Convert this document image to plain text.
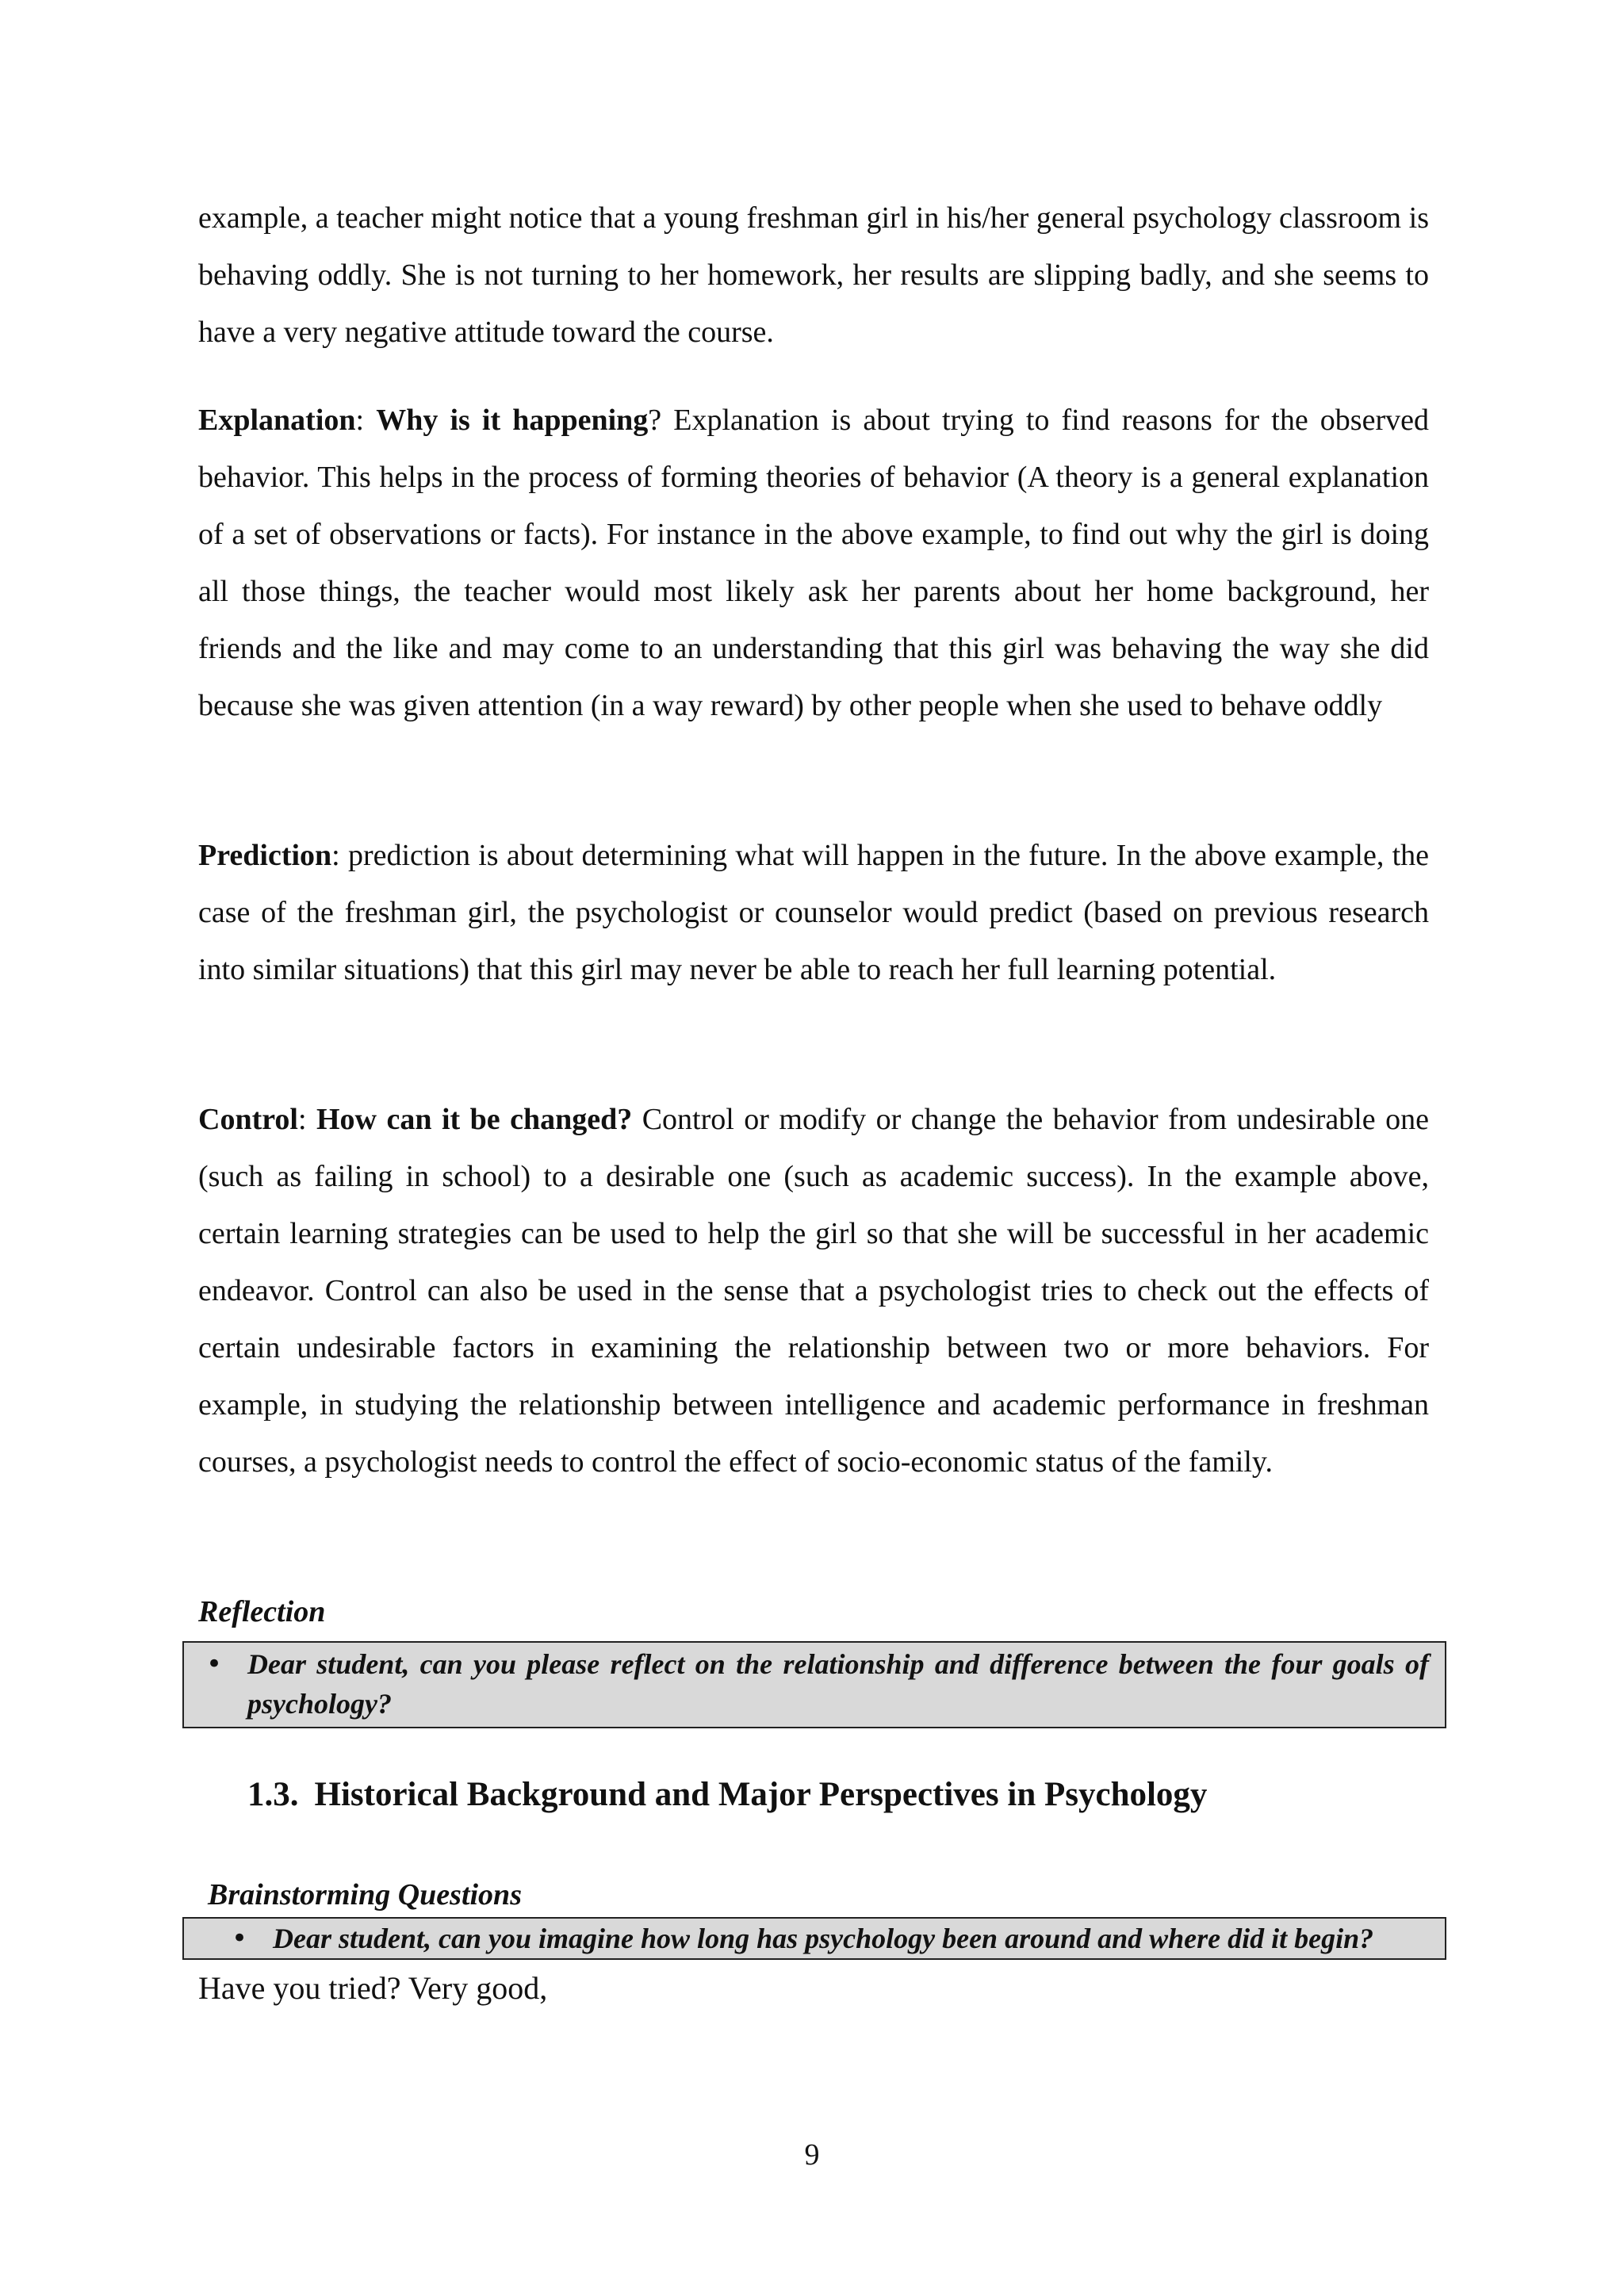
example, a teacher might notice that a young freshman girl in his/her general psychology classroom is behaving oddly. She is not turning to her homework, her results are slipping badly, and she seems to have a very negative attitude toward the course.

Explanation: Why is it happening? Explanation is about trying to find reasons for the observed behavior. This helps in the process of forming theories of behavior (A theory is a general explanation of a set of observations or facts). For instance in the above example, to find out why the girl is doing all those things, the teacher would most likely ask her parents about her home background, her friends and the like and may come to an understanding that this girl was behaving the way she did because she was given attention (in a way reward) by other people when she used to behave oddly

Prediction: prediction is about determining what will happen in the future. In the above example, the case of the freshman girl, the psychologist or counselor would predict (based on previous research into similar situations) that this girl may never be able to reach her full learning potential.

Control: How can it be changed? Control or modify or change the behavior from undesirable one (such as failing in school) to a desirable one (such as academic success). In the example above, certain learning strategies can be used to help the girl so that she will be successful in her academic endeavor. Control can also be used in the sense that a psychologist tries to check out the effects of certain undesirable factors in examining the relationship between two or more behaviors. For example, in studying the relationship between intelligence and academic performance in freshman courses, a psychologist needs to control the effect of socio-economic status of the family.

Reflection
• Dear student, can you please reflect on the relationship and difference between the four goals of psychology?
1.3. Historical Background and Major Perspectives in Psychology
Brainstorming Questions
• Dear student, can you imagine how long has psychology been around and where did it begin?
Have you tried? Very good,
9
